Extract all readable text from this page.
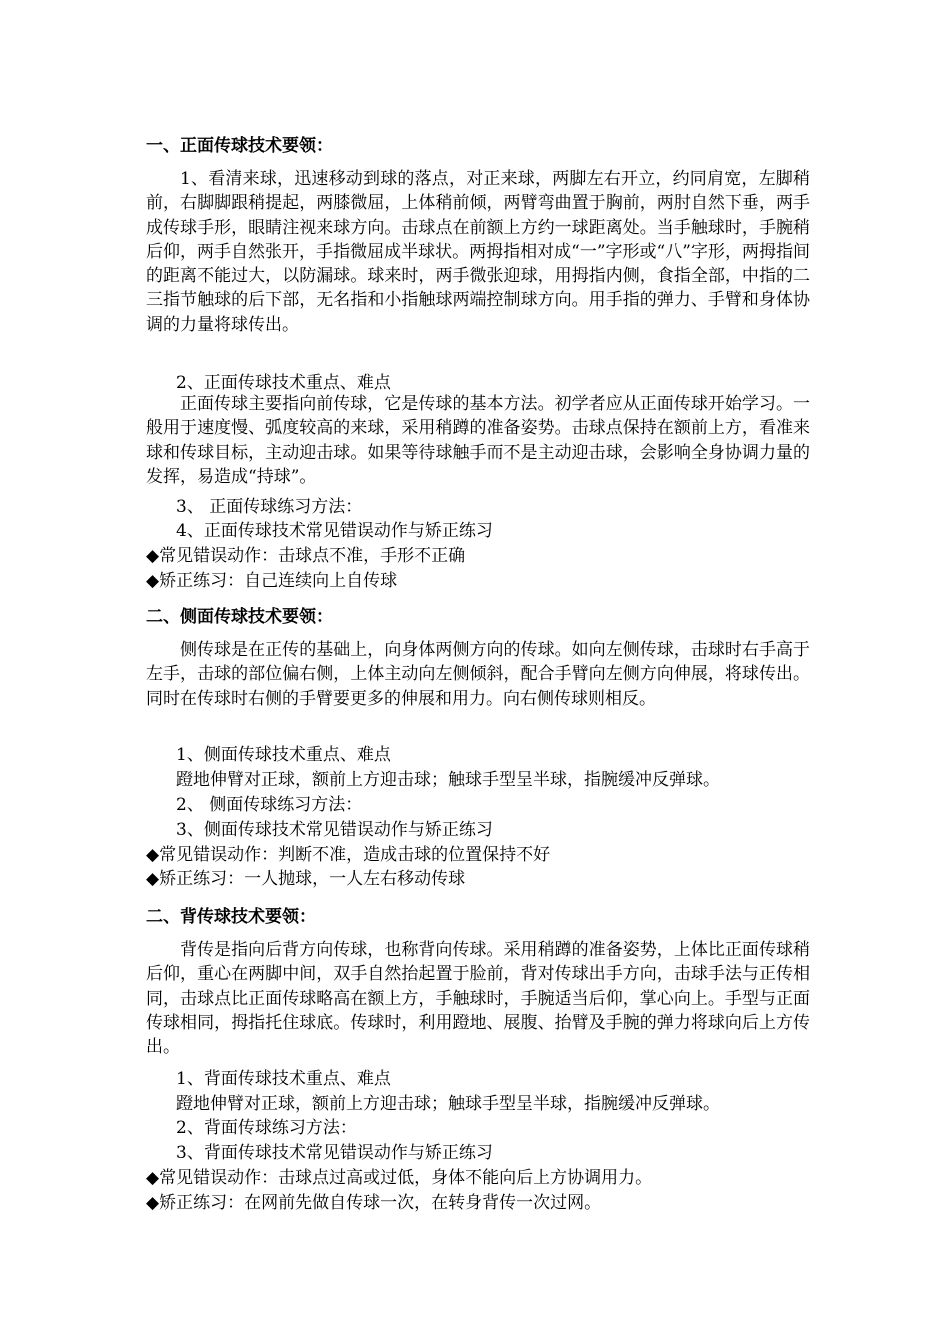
一、正面传球技术要领：

1、看清来球，迅速移动到球的落点，对正来球，两脚左右开立，约同肩宽，左脚稍前，右脚脚跟稍提起，两膝微屈，上体稍前倾，两臂弯曲置于胸前，两肘自然下垂，两手成传球手形，眼睛注视来球方向。击球点在前额上方约一球距离处。当手触球时，手腕稍后仰，两手自然张开，手指微屈成半球状。两拇指相对成“一”字形或“八”字形，两拇指间的距离不能过大，以防漏球。球来时，两手微张迎球，用拇指内侧，食指全部，中指的二三指节触球的后下部，无名指和小指触球两端控制球方向。用手指的弹力、手臂和身体协调的力量将球传出。

2、正面传球技术重点、难点

正面传球主要指向前传球，它是传球的基本方法。初学者应从正面传球开始学习。一般用于速度慢、弧度较高的来球，采用稍蹲的准备姿势。击球点保持在额前上方，看准来球和传球目标，主动迎击球。如果等待球触手而不是主动迎击球，会影响全身协调力量的发挥，易造成“持球”。

3、 正面传球练习方法：
4、正面传球技术常见错误动作与矫正练习
◆常见错误动作：击球点不准，手形不正确
◆矫正练习：自己连续向上自传球
二、侧面传球技术要领：

侧传球是在正传的基础上，向身体两侧方向的传球。如向左侧传球，击球时右手高于左手，击球的部位偏右侧，上体主动向左侧倾斜，配合手臂向左侧方向伸展，将球传出。同时在传球时右侧的手臂要更多的伸展和用力。向右侧传球则相反。

1、侧面传球技术重点、难点
蹬地伸臂对正球，额前上方迎击球；触球手型呈半球，指腕缓冲反弹球。
2、 侧面传球练习方法：
3、侧面传球技术常见错误动作与矫正练习
◆常见错误动作：判断不准，造成击球的位置保持不好
◆矫正练习：一人抛球，一人左右移动传球
二、背传球技术要领：

背传是指向后背方向传球，也称背向传球。采用稍蹲的准备姿势，上体比正面传球稍后仰，重心在两脚中间，双手自然抬起置于脸前，背对传球出手方向，击球手法与正传相同，击球点比正面传球略高在额上方，手触球时，手腕适当后仰，掌心向上。手型与正面传球相同，拇指托住球底。传球时，利用蹬地、展腹、抬臂及手腕的弹力将球向后上方传出。

1、背面传球技术重点、难点
蹬地伸臂对正球，额前上方迎击球；触球手型呈半球，指腕缓冲反弹球。
2、背面传球练习方法：
3、背面传球技术常见错误动作与矫正练习
◆常见错误动作：击球点过高或过低，身体不能向后上方协调用力。
◆矫正练习：在网前先做自传球一次，在转身背传一次过网。
